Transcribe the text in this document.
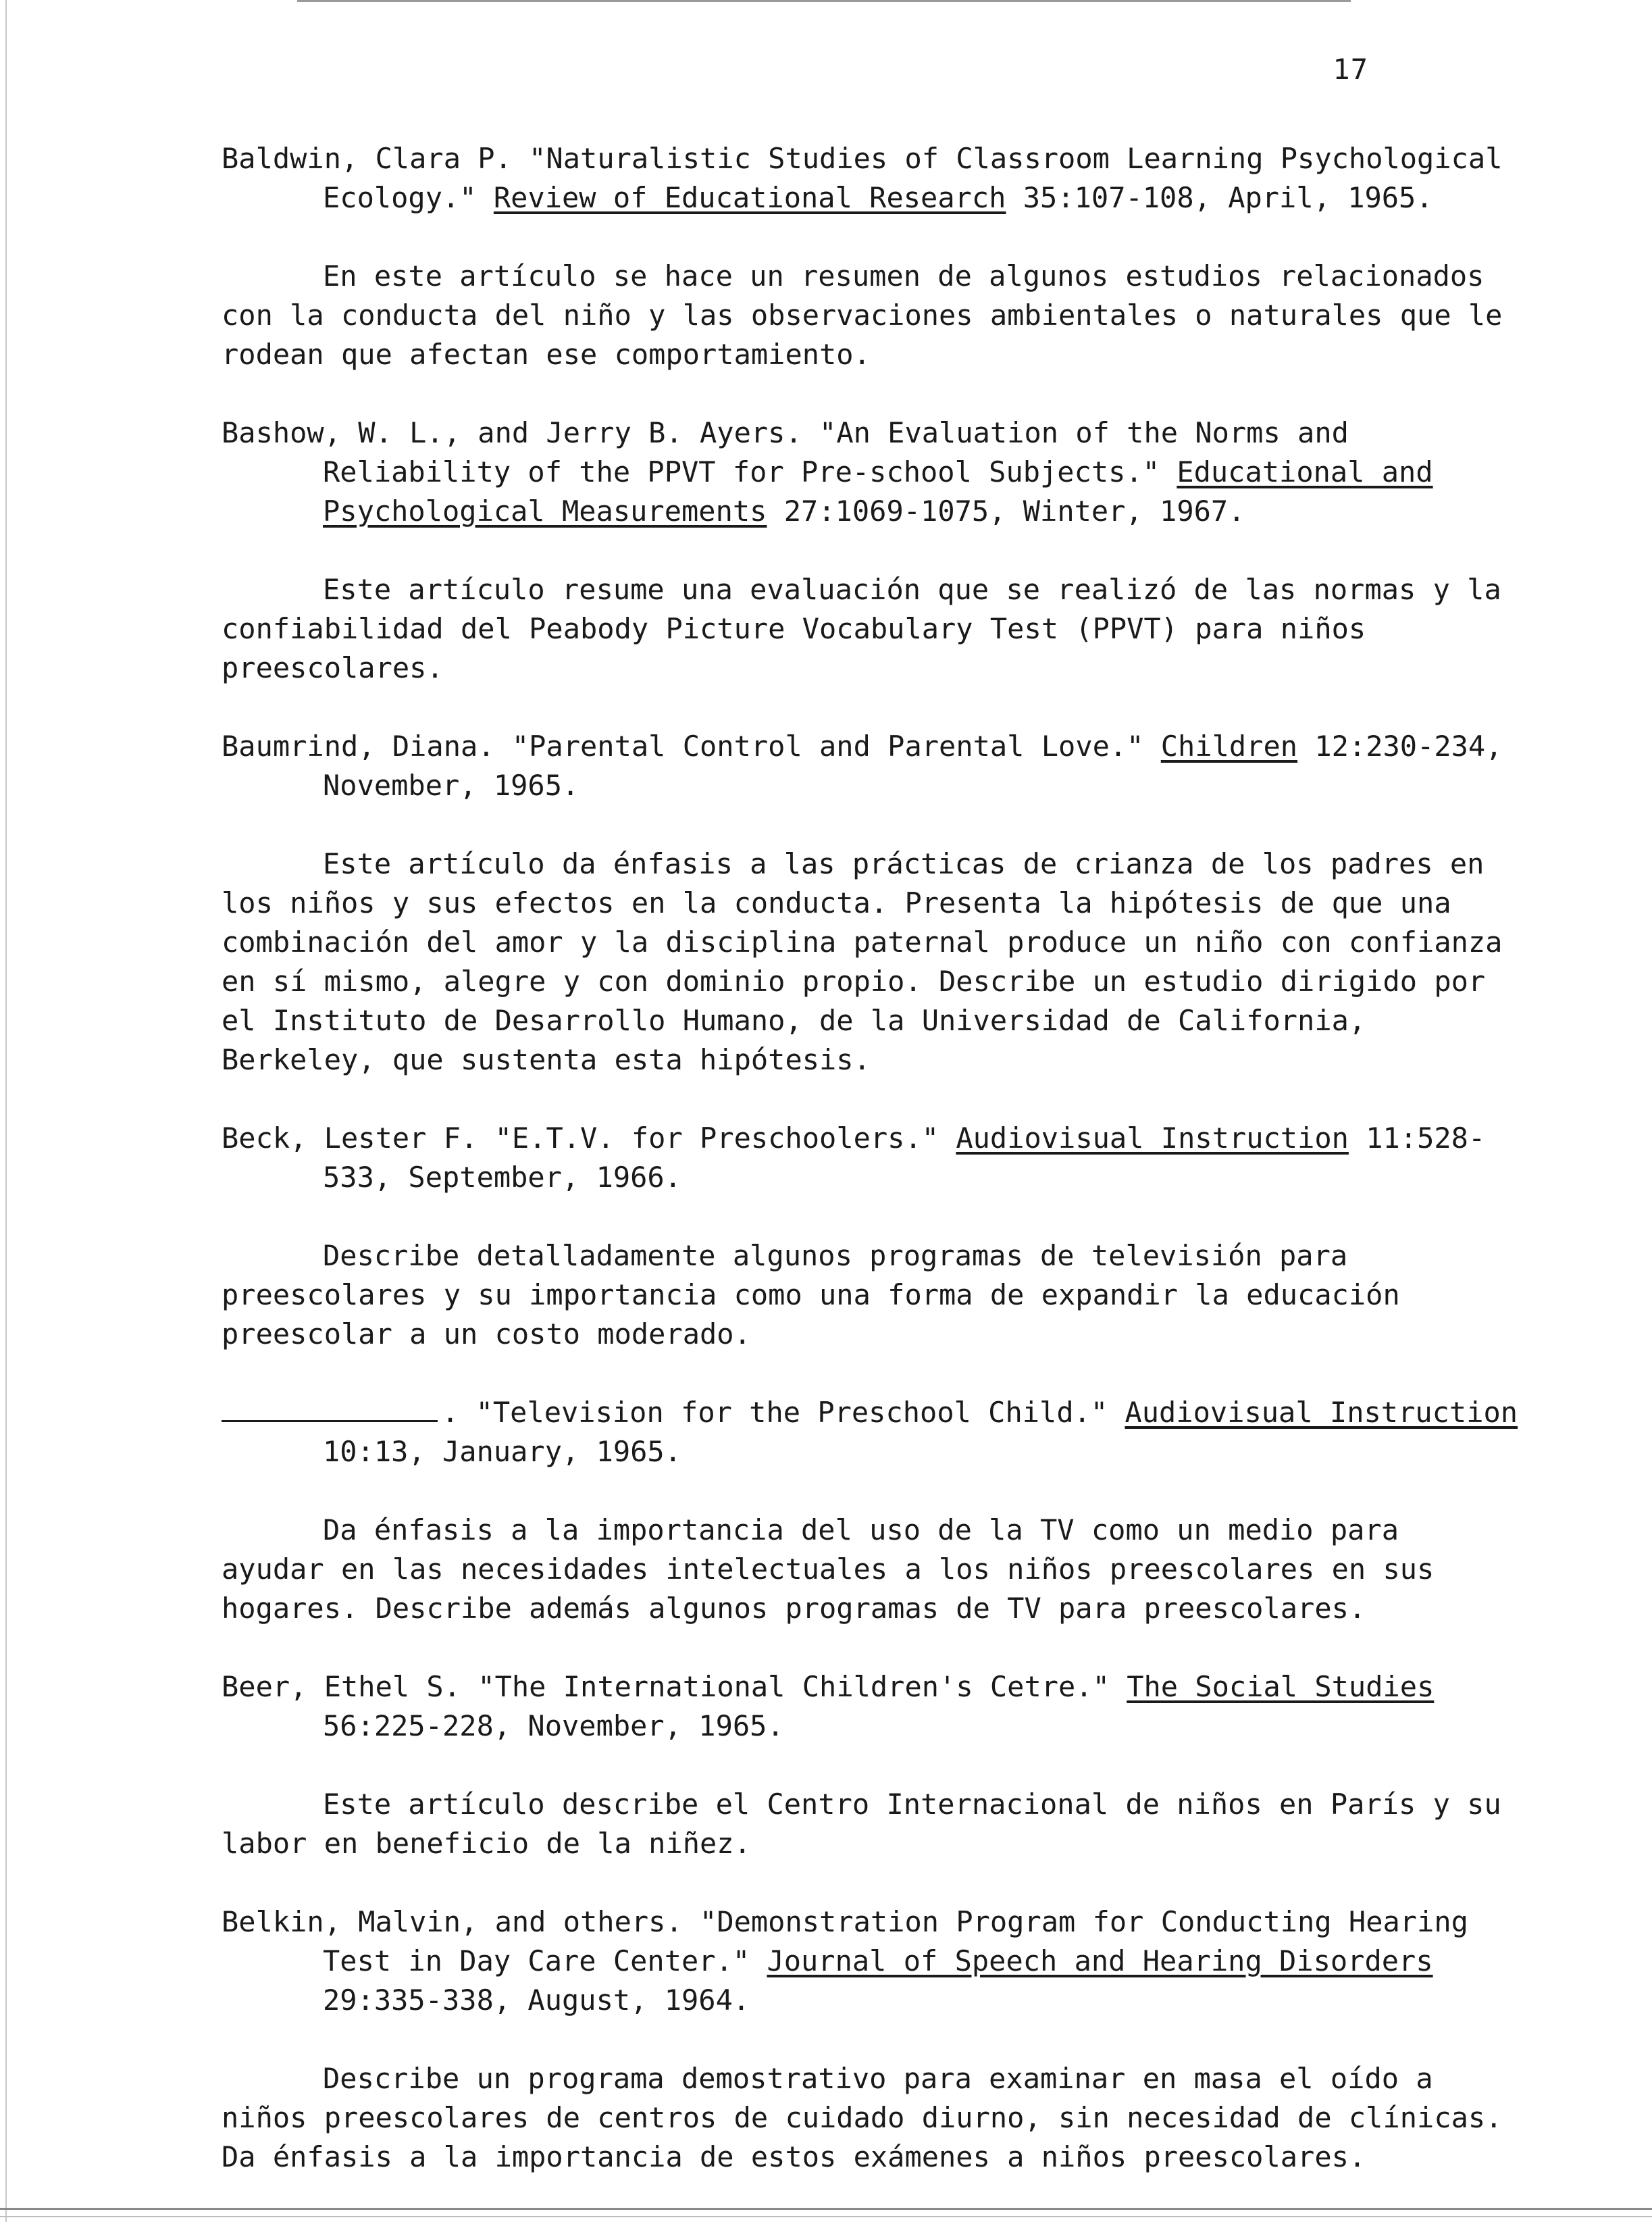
17

Baldwin, Clara P. "Naturalistic Studies of Classroom Learning Psychological Ecology." Review of Educational Research 35:107-108, April, 1965.

En este artículo se hace un resumen de algunos estudios relacionados con la conducta del niño y las observaciones ambientales o naturales que le rodean que afectan ese comportamiento.

Bashow, W. L., and Jerry B. Ayers. "An Evaluation of the Norms and Reliability of the PPVT for Pre-school Subjects." Educational and Psychological Measurements 27:1069-1075, Winter, 1967.

Este artículo resume una evaluación que se realizó de las normas y la confiabilidad del Peabody Picture Vocabulary Test (PPVT) para niños preescolares.

Baumrind, Diana. "Parental Control and Parental Love." Children 12:230-234, November, 1965.

Este artículo da énfasis a las prácticas de crianza de los padres en los niños y sus efectos en la conducta. Presenta la hipótesis de que una combinación del amor y la disciplina paternal produce un niño con confianza en sí mismo, alegre y con dominio propio. Describe un estudio dirigido por el Instituto de Desarrollo Humano, de la Universidad de California, Berkeley, que sustenta esta hipótesis.

Beck, Lester F. "E.T.V. for Preschoolers." Audiovisual Instruction 11:528-533, September, 1966.

Describe detalladamente algunos programas de televisión para preescolares y su importancia como una forma de expandir la educación preescolar a un costo moderado.

. "Television for the Preschool Child." Audiovisual Instruction 10:13, January, 1965.

Da énfasis a la importancia del uso de la TV como un medio para ayudar en las necesidades intelectuales a los niños preescolares en sus hogares. Describe además algunos programas de TV para preescolares.

Beer, Ethel S. "The International Children's Cetre." The Social Studies 56:225-228, November, 1965.

Este artículo describe el Centro Internacional de niños en París y su labor en beneficio de la niñez.

Belkin, Malvin, and others. "Demonstration Program for Conducting Hearing Test in Day Care Center." Journal of Speech and Hearing Disorders 29:335-338, August, 1964.

Describe un programa demostrativo para examinar en masa el oído a niños preescolares de centros de cuidado diurno, sin necesidad de clínicas. Da énfasis a la importancia de estos exámenes a niños preescolares.
